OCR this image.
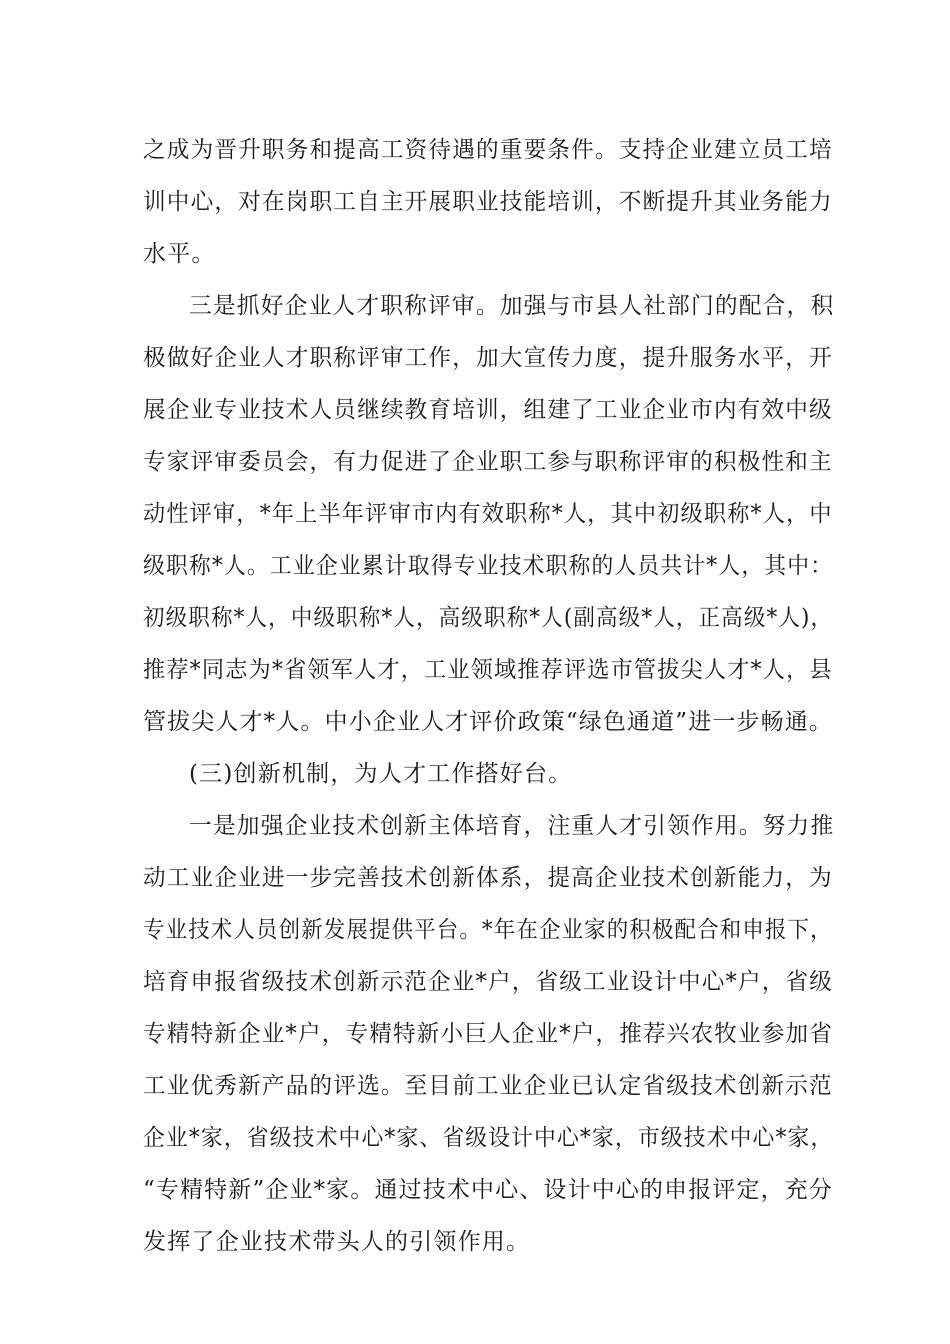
之成为晋升职务和提高工资待遇的重要条件。支持企业建立员工培
训中心，对在岗职工自主开展职业技能培训，不断提升其业务能力
水平。
三是抓好企业人才职称评审。加强与市县人社部门的配合，积
极做好企业人才职称评审工作，加大宣传力度，提升服务水平，开
展企业专业技术人员继续教育培训，组建了工业企业市内有效中级
专家评审委员会，有力促进了企业职工参与职称评审的积极性和主
动性评审，*年上半年评审市内有效职称*人，其中初级职称*人，中
级职称*人。工业企业累计取得专业技术职称的人员共计*人，其中：
初级职称*人，中级职称*人，高级职称*人(副高级*人，正高级*人)，
推荐*同志为*省领军人才，工业领域推荐评选市管拔尖人才*人，县
管拔尖人才*人。中小企业人才评价政策“绿色通道”进一步畅通。
(三)创新机制，为人才工作搭好台。
一是加强企业技术创新主体培育，注重人才引领作用。努力推
动工业企业进一步完善技术创新体系，提高企业技术创新能力，为
专业技术人员创新发展提供平台。*年在企业家的积极配合和申报下，
培育申报省级技术创新示范企业*户，省级工业设计中心*户，省级
专精特新企业*户，专精特新小巨人企业*户，推荐兴农牧业参加省
工业优秀新产品的评选。至目前工业企业已认定省级技术创新示范
企业*家，省级技术中心*家、省级设计中心*家，市级技术中心*家，
“专精特新”企业*家。通过技术中心、设计中心的申报评定，充分
发挥了企业技术带头人的引领作用。
